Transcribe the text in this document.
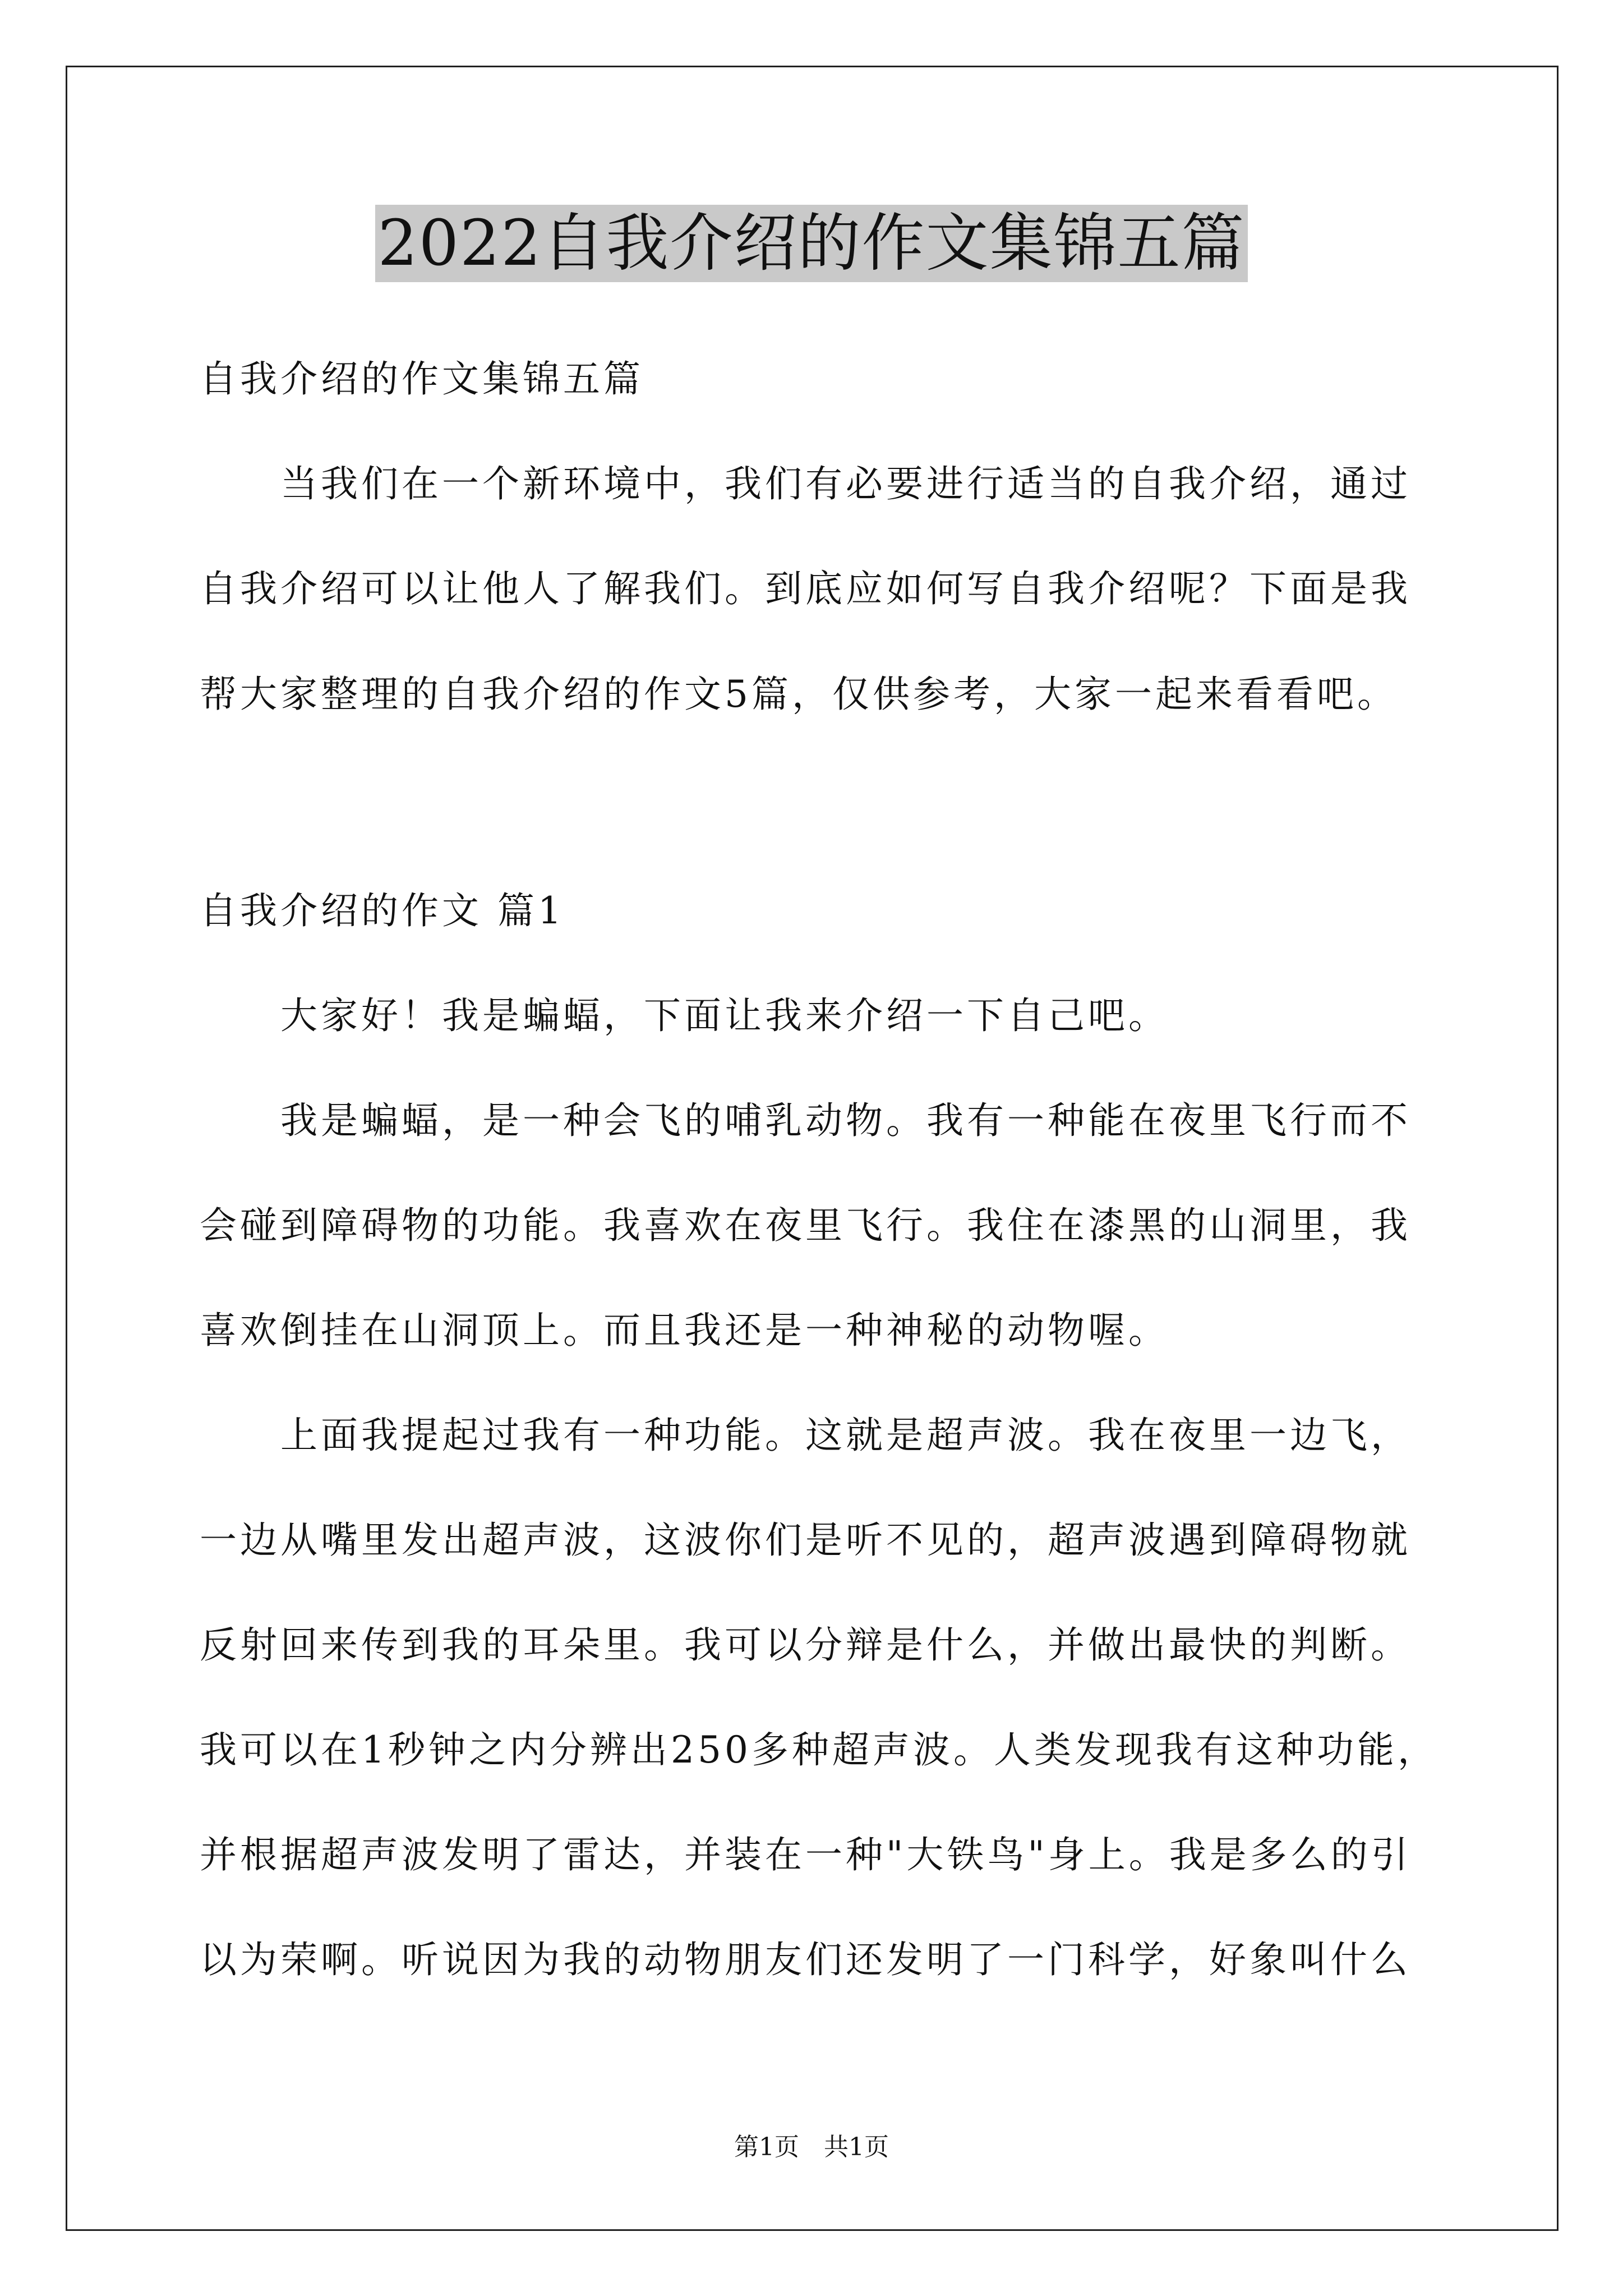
2022自我介绍的作文集锦五篇
自我介绍的作文集锦五篇
当我们在一个新环境中，我们有必要进行适当的自我介绍，通过
自我介绍可以让他人了解我们。到底应如何写自我介绍呢？下面是我
帮大家整理的自我介绍的作文5篇，仅供参考，大家一起来看看吧。
自我介绍的作文 篇1
大家好！我是蝙蝠，下面让我来介绍一下自己吧。
我是蝙蝠，是一种会飞的哺乳动物。我有一种能在夜里飞行而不
会碰到障碍物的功能。我喜欢在夜里飞行。我住在漆黑的山洞里，我
喜欢倒挂在山洞顶上。而且我还是一种神秘的动物喔。
上面我提起过我有一种功能。这就是超声波。我在夜里一边飞，
一边从嘴里发出超声波，这波你们是听不见的，超声波遇到障碍物就
反射回来传到我的耳朵里。我可以分辩是什么，并做出最快的判断。
我可以在1秒钟之内分辨出250多种超声波。人类发现我有这种功能，
并根据超声波发明了雷达，并装在一种"大铁鸟"身上。我是多么的引
以为荣啊。听说因为我的动物朋友们还发明了一门科学，好象叫什么
第1页　共1页
